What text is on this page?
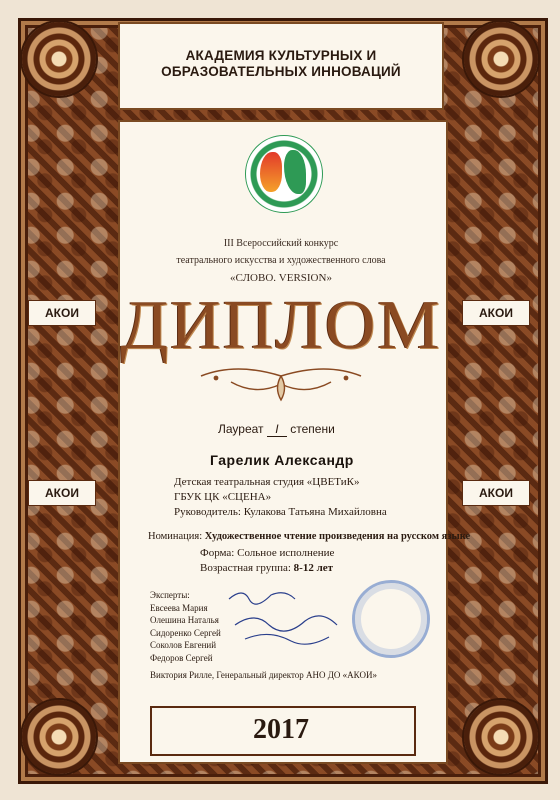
АКАДЕМИЯ КУЛЬТУРНЫХ И
ОБРАЗОВАТЕЛЬНЫХ ИННОВАЦИЙ
АКОИ	АКОИ
АКОИ	АКОИ
III Всероссийский конкурс
театрального искусства и художественного слова
«СЛОВО. VERSION»
ДИПЛОМ
Лауреат I степени
Гарелик Александр
Детская театральная студия «ЦВЕТиК»
ГБУК ЦК «СЦЕНА»
Руководитель: Кулакова Татьяна Михайловна
Номинация: Художественное чтение произведения на русском языке
Форма: Сольное исполнение
Возрастная группа: 8-12 лет
Эксперты:
Евсеева Мария
Олешина Наталья
Сидоренко Сергей
Соколов Евгений
Федоров Сергей
Виктория Рилле, Генеральный директор АНО ДО «АКОИ»
2017
